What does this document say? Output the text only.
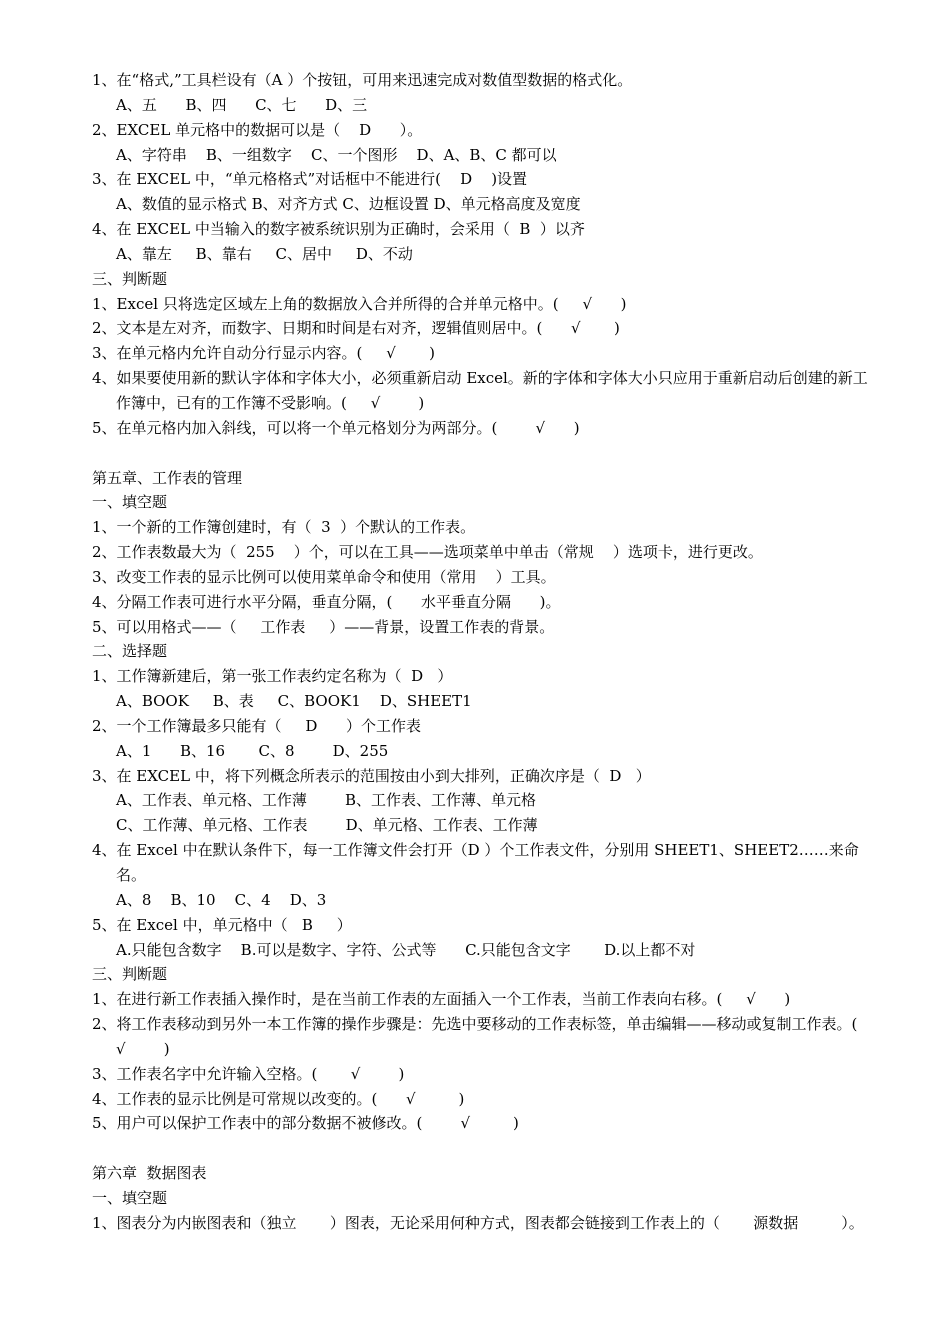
1、在“格式,”工具栏设有（A ）个按钮，可用来迅速完成对数值型数据的格式化。
A、五      B、四      C、七      D、三
2、EXCEL 单元格中的数据可以是（    D      ）。
A、字符串    B、一组数字    C、一个图形    D、A、B、C 都可以
3、在 EXCEL 中，“单元格格式”对话框中不能进行(    D    )设置
A、数值的显示格式 B、对齐方式 C、边框设置 D、单元格高度及宽度
4、在 EXCEL 中当输入的数字被系统识别为正确时，会采用（  B  ）以齐
A、靠左     B、靠右     C、居中     D、不动
三、判断题
1、Excel 只将选定区域左上角的数据放入合并所得的合并单元格中。(     √      )
2、文本是左对齐，而数字、日期和时间是右对齐，逻辑值则居中。(      √       )
3、在单元格内允许自动分行显示内容。(     √       )
4、如果要使用新的默认字体和字体大小，必须重新启动 Excel。新的字体和字体大小只应用于重新启动后创建的新工作簿中，已有的工作簿不受影响。(     √        )
5、在单元格内加入斜线，可以将一个单元格划分为两部分。(        √      )
第五章、工作表的管理
一、填空题
1、一个新的工作簿创建时，有（  3  ）个默认的工作表。
2、工作表数最大为（  255    ）个，可以在工具——选项菜单中单击（常规    ）选项卡，进行更改。
3、改变工作表的显示比例可以使用菜单命令和使用（常用    ）工具。
4、分隔工作表可进行水平分隔，垂直分隔，(      水平垂直分隔      )。
5、可以用格式——（     工作表     ）——背景，设置工作表的背景。
二、选择题
1、工作簿新建后，第一张工作表约定名称为（  D   ）
A、BOOK     B、表     C、BOOK1    D、SHEET1
2、一个工作簿最多只能有（     D      ）个工作表
A、1      B、16       C、8        D、255
3、在 EXCEL 中，将下列概念所表示的范围按由小到大排列，正确次序是（  D   ）
A、工作表、单元格、工作薄        B、工作表、工作薄、单元格
C、工作薄、单元格、工作表        D、单元格、工作表、工作薄
4、在 Excel 中在默认条件下，每一工作簿文件会打开（D ）个工作表文件，分别用 SHEET1、SHEET2……来命名。
A、8    B、10    C、4    D、3
5、在 Excel 中，单元格中（   B     ）
A.只能包含数字    B.可以是数字、字符、公式等      C.只能包含文字       D.以上都不对
三、判断题
1、在进行新工作表插入操作时，是在当前工作表的左面插入一个工作表，当前工作表向右移。(     √      )
2、将工作表移动到另外一本工作簿的操作步骤是：先选中要移动的工作表标签，单击编辑——移动或复制工作表。(      √        )
3、工作表名字中允许输入空格。(       √        )
4、工作表的显示比例是可常规以改变的。(      √         )
5、用户可以保护工作表中的部分数据不被修改。(        √         )
第六章  数据图表
一、填空题
1、图表分为内嵌图表和（独立       ）图表，无论采用何种方式，图表都会链接到工作表上的（       源数据         ）。
